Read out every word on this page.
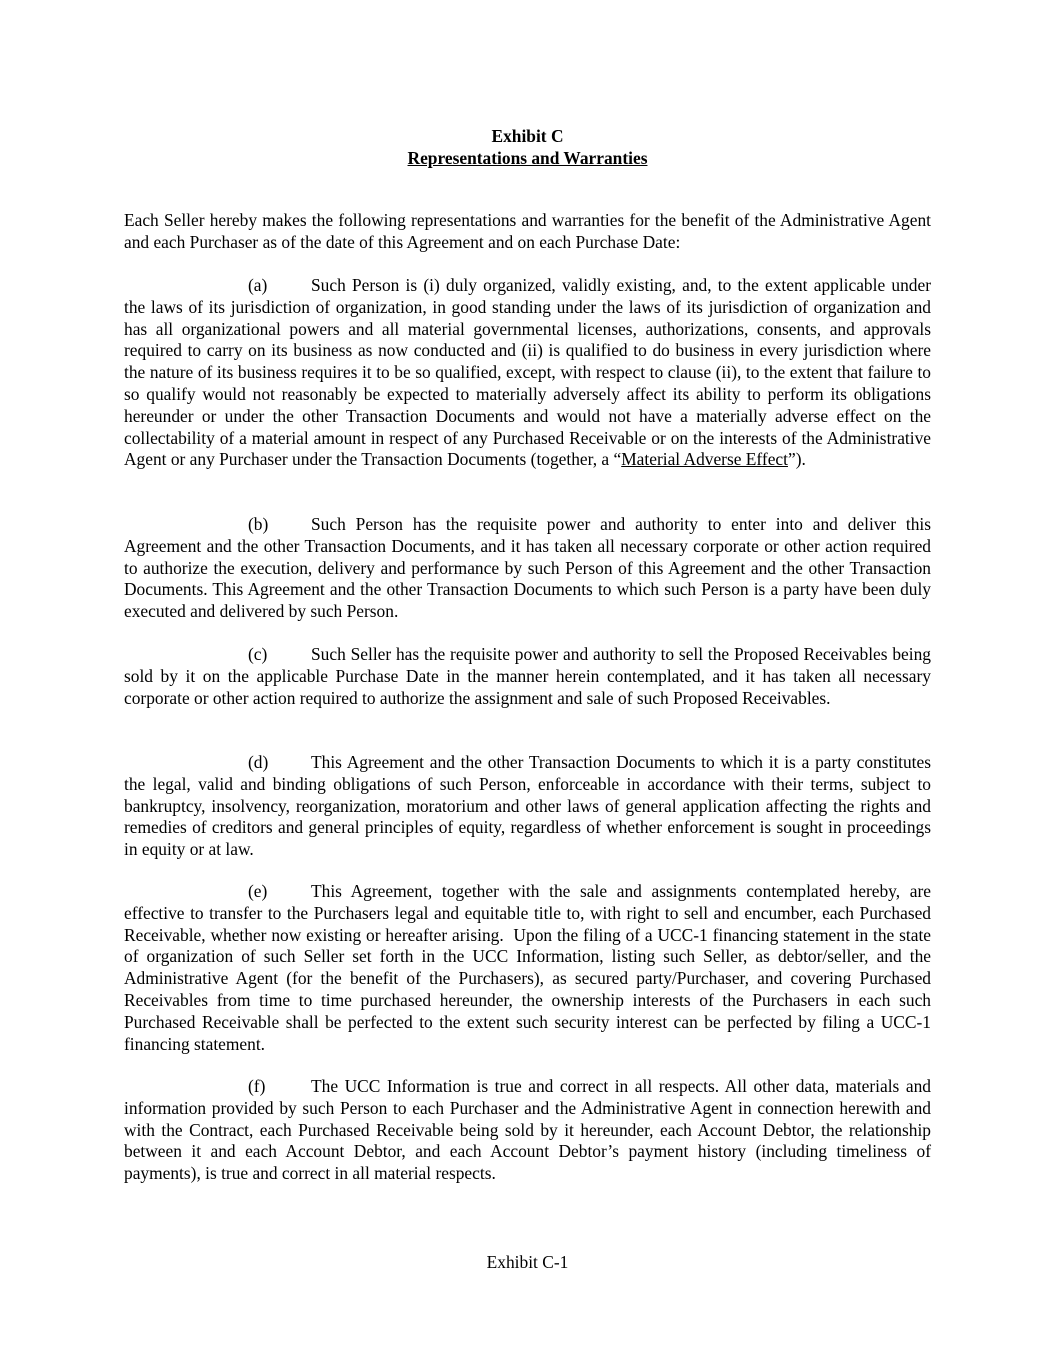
Exhibit C
Representations and Warranties

Each Seller hereby makes the following representations and warranties for the benefit of the Administrative Agent and each Purchaser as of the date of this Agreement and on each Purchase Date:

(a)	Such Person is (i) duly organized, validly existing, and, to the extent applicable under the laws of its jurisdiction of organization, in good standing under the laws of its jurisdiction of organization and has all organizational powers and all material governmental licenses, authorizations, consents, and approvals required to carry on its business as now conducted and (ii) is qualified to do business in every jurisdiction where the nature of its business requires it to be so qualified, except, with respect to clause (ii), to the extent that failure to so qualify would not reasonably be expected to materially adversely affect its ability to perform its obligations hereunder or under the other Transaction Documents and would not have a materially adverse effect on the collectability of a material amount in respect of any Purchased Receivable or on the interests of the Administrative Agent or any Purchaser under the Transaction Documents (together, a “Material Adverse Effect”).

(b) Such Person has the requisite power and authority to enter into and deliver this Agreement and the other Transaction Documents, and it has taken all necessary corporate or other action required to authorize the execution, delivery and performance by such Person of this Agreement and the other Transaction Documents. This Agreement and the other Transaction Documents to which such Person is a party have been duly executed and delivered by such Person.

(c)	Such Seller has the requisite power and authority to sell the Proposed Receivables being sold by it on the applicable Purchase Date in the manner herein contemplated, and it has taken all necessary corporate or other action required to authorize the assignment and sale of such Proposed Receivables.

(d) This Agreement and the other Transaction Documents to which it is a party constitutes the legal, valid and binding obligations of such Person, enforceable in accordance with their terms, subject to bankruptcy, insolvency, reorganization, moratorium and other laws of general application affecting the rights and remedies of creditors and general principles of equity, regardless of whether enforcement is sought in proceedings in equity or at law.

(e)	This Agreement, together with the sale and assignments contemplated hereby, are effective to transfer to the Purchasers legal and equitable title to, with right to sell and encumber, each Purchased Receivable, whether now existing or hereafter arising.  Upon the filing of a UCC-1 financing statement in the state of organization of such Seller set forth in the UCC Information, listing such Seller, as debtor/seller, and the Administrative Agent (for the benefit of the Purchasers), as secured party/Purchaser, and covering Purchased Receivables from time to time purchased hereunder, the ownership interests of the Purchasers in each such Purchased Receivable shall be perfected to the extent such security interest can be perfected by filing a UCC-1 financing statement.

(f)	The UCC Information is true and correct in all respects. All other data, materials and information provided by such Person to each Purchaser and the Administrative Agent in connection herewith and with the Contract, each Purchased Receivable being sold by it hereunder, each Account Debtor, the relationship between it and each Account Debtor, and each Account Debtor’s payment history (including timeliness of payments), is true and correct in all material respects.

Exhibit C-1
